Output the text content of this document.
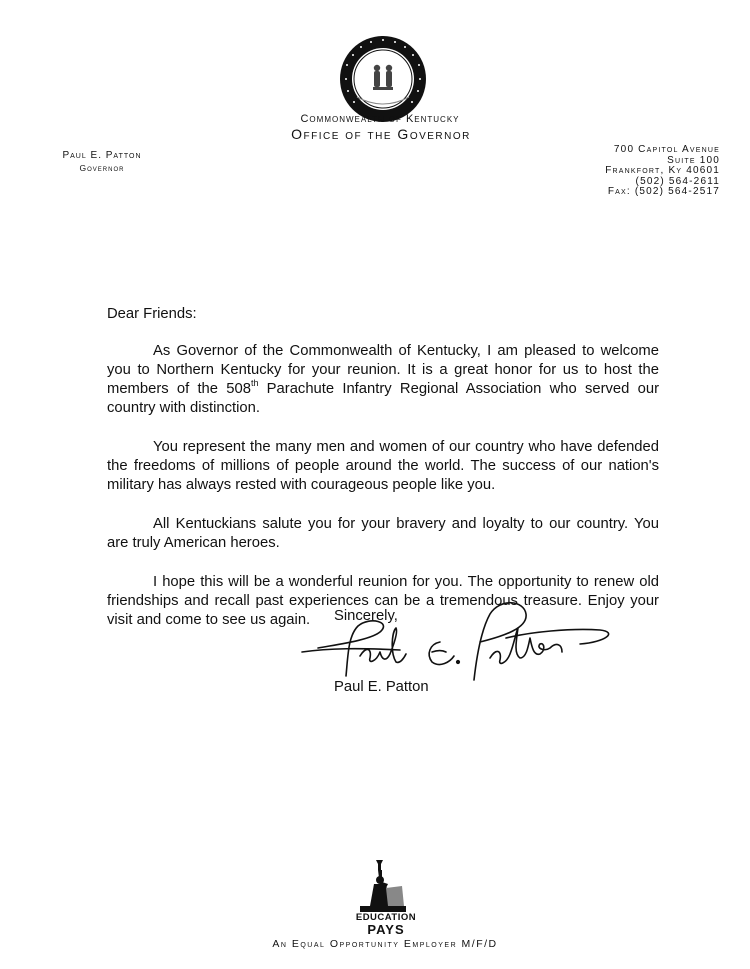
Commonwealth of Kentucky
Office of the Governor
Paul E. Patton
Governor
700 Capitol Avenue
Suite 100
Frankfort, Ky 40601
(502) 564-2611
Fax: (502) 564-2517

Dear Friends:

As Governor of the Commonwealth of Kentucky, I am pleased to welcome you to Northern Kentucky for your reunion. It is a great honor for us to host the members of the 508th Parachute Infantry Regional Association who served our country with distinction.

You represent the many men and women of our country who have defended the freedoms of millions of people around the world. The success of our nation's military has always rested with courageous people like you.

All Kentuckians salute you for your bravery and loyalty to our country. You are truly American heroes.

I hope this will be a wonderful reunion for you. The opportunity to renew old friendships and recall past experiences can be a tremendous treasure. Enjoy your visit and come to see us again.	Sincerely,
Paul E. Patton
EDUCATION
PAYS
An Equal Opportunity Employer M/F/D
